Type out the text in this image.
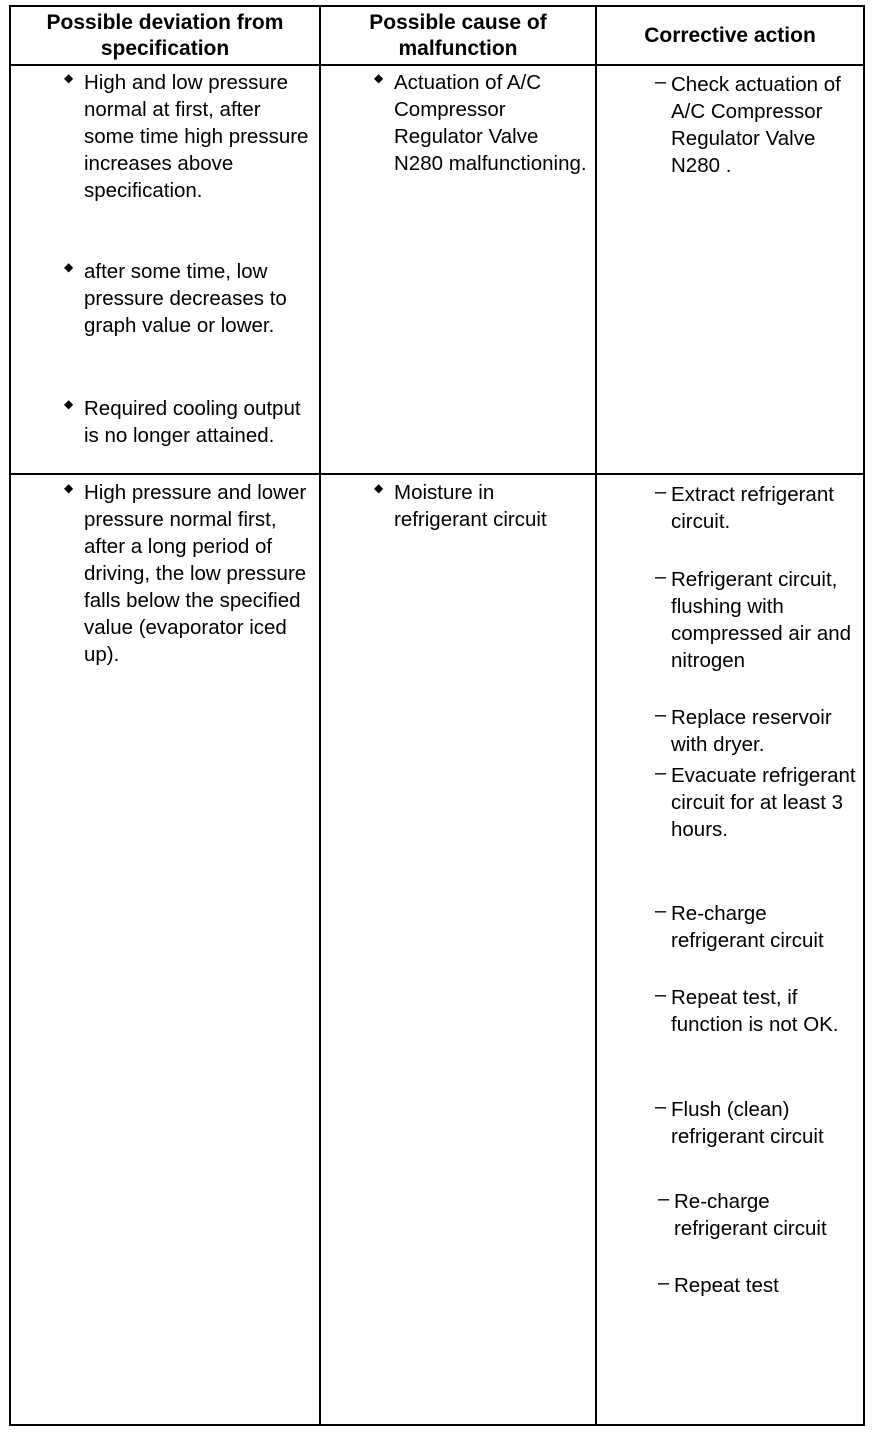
Possible deviation from specification
Possible cause of malfunction
Corrective action
◆ High and low pressure normal at first, after some time high pressure increases above specification.
◆ after some time, low pressure decreases to graph value or lower.
◆ Required cooling output is no longer attained.
◆ Actuation of A/C Compressor Regulator Valve N280 malfunctioning.
– Check actuation of A/C Compressor Regulator Valve N280 .
◆ High pressure and lower pressure normal first, after a long period of driving, the low pressure falls below the specified value (evaporator iced up).
◆ Moisture in refrigerant circuit
– Extract refrigerant circuit.
– Refrigerant circuit, flushing with compressed air and nitrogen
– Replace reservoir with dryer.
– Evacuate refrigerant circuit for at least 3 hours.
– Re-charge refrigerant circuit
– Repeat test, if function is not OK.
– Flush (clean) refrigerant circuit
– Re-charge refrigerant circuit
– Repeat test
